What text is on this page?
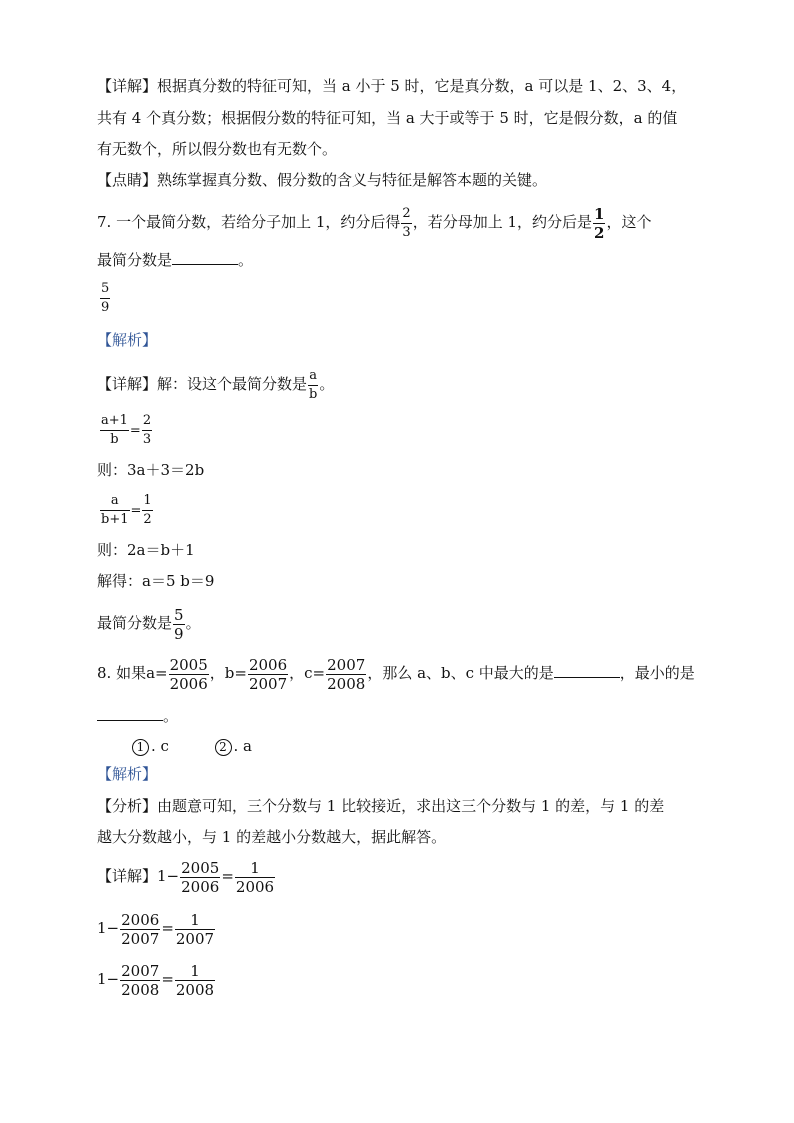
【详解】根据真分数的特征可知，当 a 小于 5 时，它是真分数，a 可以是 1、2、3、4，
共有 4 个真分数；根据假分数的特征可知，当 a 大于或等于 5 时，它是假分数，a 的值
有无数个，所以假分数也有无数个。
【点睛】熟练掌握真分数、假分数的含义与特征是解答本题的关键。
7. 一个最简分数，若给分子加上 1，约分后得 $\frac{2}{3}$ ，若分母加上 1，约分后是 $\frac{1}{2}$ ，这个
最简分数是	。
$\frac{5}{9}$
【解析】
【详解】解：设这个最简分数是 $\frac{a}{b}$ 。
$\frac{a+1}{b} = \frac{2}{3}$
则：3a＋3＝2b
$\frac{a}{b+1} = \frac{1}{2}$
则：2a＝b＋1
解得：a＝5 b＝9
最简分数是 $\frac{5}{9}$ 。
8. 如果$a= \frac{2005}{2006}$ ，$b= \frac{2006}{2007}$ ，$c= \frac{2007}{2008}$ ，那么 a、b、c 中最大的是	，最小的是
。
1 . c	2 . a
【解析】
【分析】由题意可知，三个分数与 1 比较接近，求出这三个分数与 1 的差，与 1 的差
越大分数越小，与 1 的差越小分数越大，据此解答。
【详解】$1- \frac{2005}{2006} = \frac{1}{2006}$
$1- \frac{2006}{2007} = \frac{1}{2007}$
$1- \frac{2007}{2008} = \frac{1}{2008}$
